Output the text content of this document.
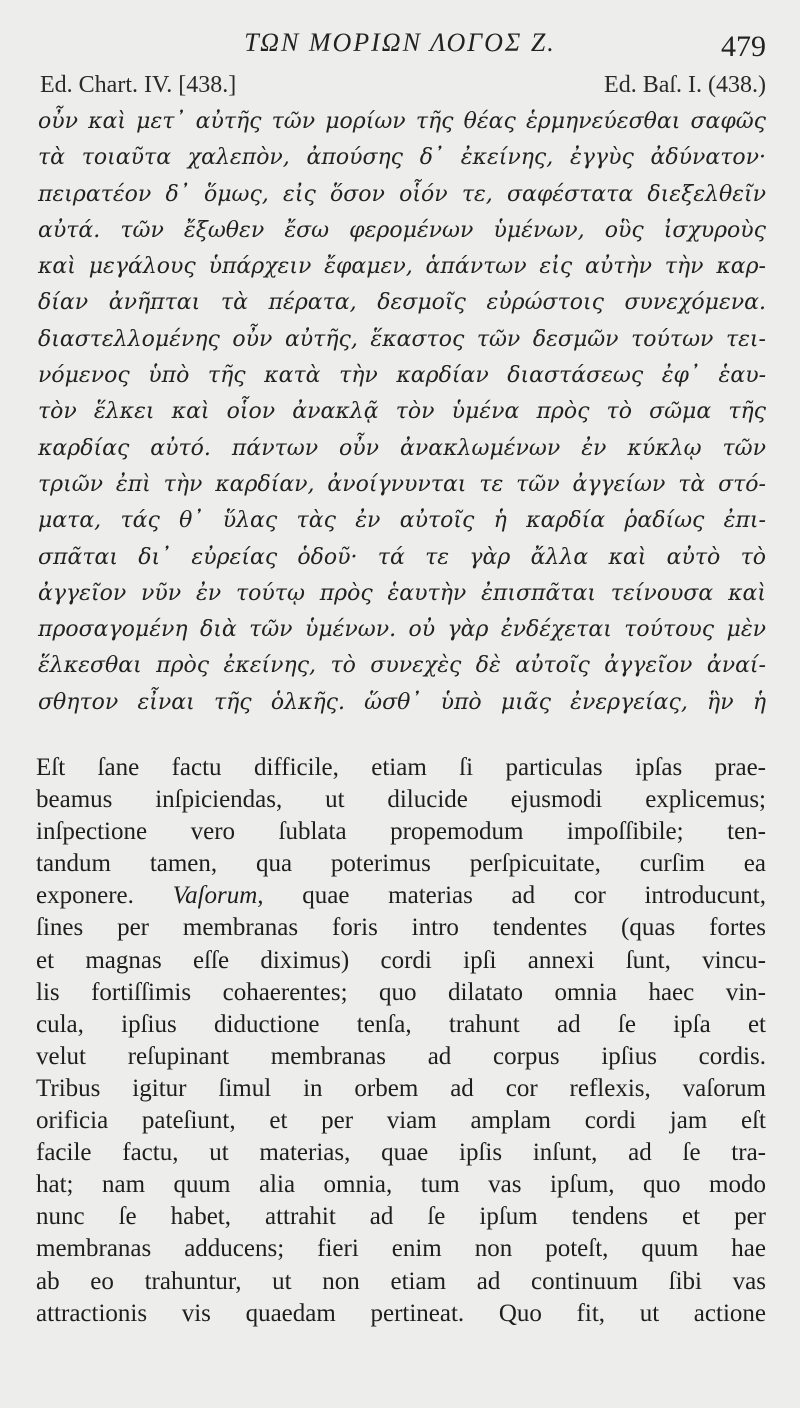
ΤΩΝ ΜΟΡΙΩΝ ΛΟΓΟΣ Ζ.	479
Ed. Chart. IV. [438.]	Ed. Baſ. I. (438.)
οὖν καὶ μετ᾽ αὐτῆς τῶν μορίων τῆς θέας ἑρμηνεύεσθαι σαφῶς
τὰ τοιαῦτα χαλεπὸν, ἀπούσης δ᾽ ἐκείνης, ἐγγὺς ἀδύνατον·
πειρατέον δ᾽ ὅμως, εἰς ὅσον οἷόν τε, σαφέστατα διεξελθεῖν
αὐτά. τῶν ἔξωθεν ἔσω φερομένων ὑμένων, οὓς ἰσχυροὺς
καὶ μεγάλους ὑπάρχειν ἔφαμεν, ἁπάντων εἰς αὐτὴν τὴν καρ-
δίαν ἀνῆπται τὰ πέρατα, δεσμοῖς εὐρώστοις συνεχόμενα.
διαστελλομένης οὖν αὐτῆς, ἕκαστος τῶν δεσμῶν τούτων τει-
νόμενος ὑπὸ τῆς κατὰ τὴν καρδίαν διαστάσεως ἐφ᾽ ἑαυ-
τὸν ἕλκει καὶ οἷον ἀνακλᾷ τὸν ὑμένα πρὸς τὸ σῶμα τῆς
καρδίας αὐτό. πάντων οὖν ἀνακλωμένων ἐν κύκλῳ τῶν
τριῶν ἐπὶ τὴν καρδίαν, ἀνοίγνυνται τε τῶν ἀγγείων τὰ στό-
ματα, τάς θ᾽ ὕλας τὰς ἐν αὐτοῖς ἡ καρδία ῥαδίως ἐπι-
σπᾶται δι᾽ εὐρείας ὁδοῦ· τά τε γὰρ ἄλλα καὶ αὐτὸ τὸ
ἀγγεῖον νῦν ἐν τούτῳ πρὸς ἑαυτὴν ἐπισπᾶται τείνουσα καὶ
προσαγομένη διὰ τῶν ὑμένων. οὐ γὰρ ἐνδέχεται τούτους μὲν
ἕλκεσθαι πρὸς ἐκείνης, τὸ συνεχὲς δὲ αὐτοῖς ἀγγεῖον ἀναί-
σθητον εἶναι τῆς ὁλκῆς. ὥσθ᾽ ὑπὸ μιᾶς ἐνεργείας, ἣν ἡ
Eſt ſane factu difficile, etiam ſi particulas ipſas prae-
beamus inſpiciendas, ut dilucide ejusmodi explicemus;
inſpectione vero ſublata propemodum impoſſibile; ten-
tandum tamen, qua poterimus perſpicuitate, curſim ea
exponere. Vaſorum, quae materias ad cor introducunt,
ſines per membranas foris intro tendentes (quas fortes
et magnas eſſe diximus) cordi ipſi annexi ſunt, vincu-
lis fortiſſimis cohaerentes; quo dilatato omnia haec vin-
cula, ipſius diductione tenſa, trahunt ad ſe ipſa et
velut reſupinant membranas ad corpus ipſius cordis.
Tribus igitur ſimul in orbem ad cor reflexis, vaſorum
orificia pateſiunt, et per viam amplam cordi jam eſt
facile factu, ut materias, quae ipſis inſunt, ad ſe tra-
hat; nam quum alia omnia, tum vas ipſum, quo modo
nunc ſe habet, attrahit ad ſe ipſum tendens et per
membranas adducens; fieri enim non poteſt, quum hae
ab eo trahuntur, ut non etiam ad continuum ſibi vas
attractionis vis quaedam pertineat. Quo fit, ut actione
